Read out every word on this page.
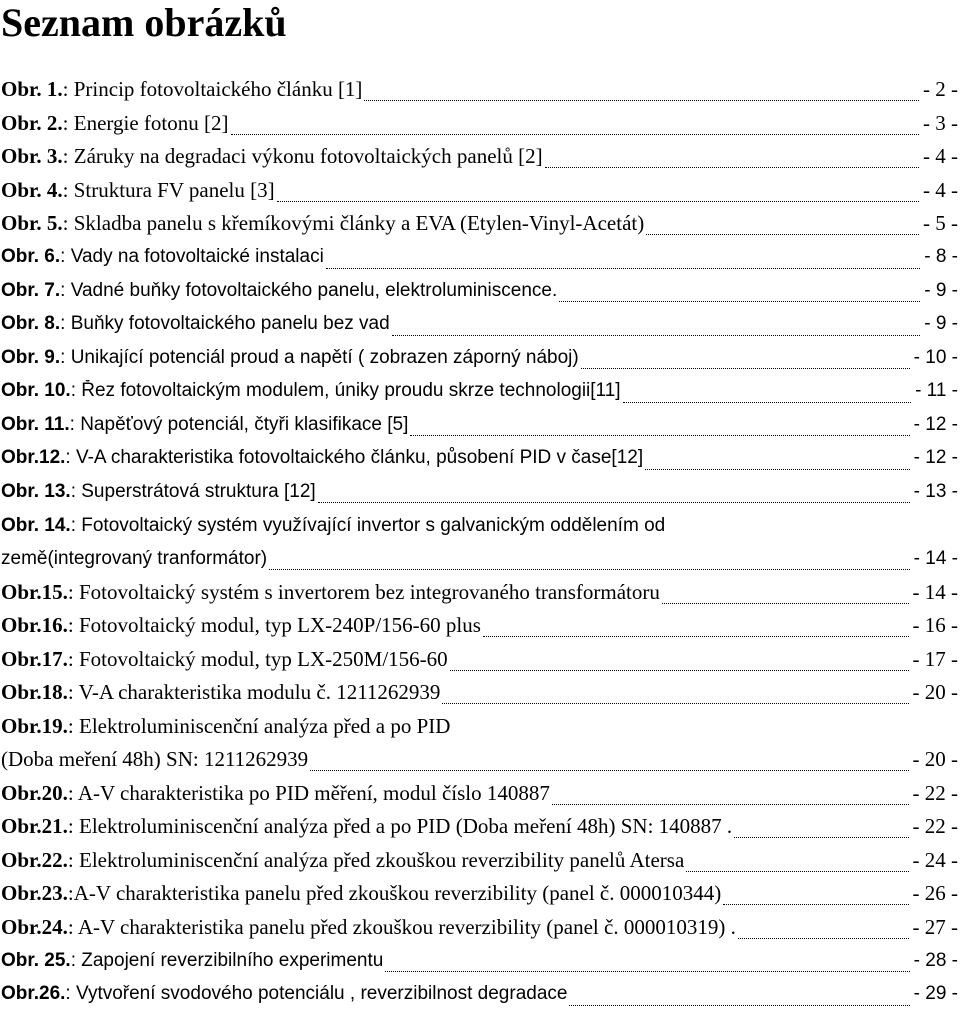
Seznam obrázků
Obr. 1.: Princip fotovoltaického článku [1]	- 2 -
Obr. 2.: Energie fotonu [2]	- 3 -
Obr. 3.: Záruky na degradaci výkonu fotovoltaických panelů [2]	- 4 -
Obr. 4.: Struktura FV panelu [3]	- 4 -
Obr. 5.: Skladba panelu s křemíkovými články a EVA (Etylen-Vinyl-Acetát)	- 5 -
Obr. 6.: Vady na fotovoltaické instalaci	- 8 -
Obr. 7.: Vadné buňky fotovoltaického panelu, elektroluminiscence.	- 9 -
Obr. 8.: Buňky fotovoltaického panelu bez vad	- 9 -
Obr. 9.: Unikající potenciál proud a napětí ( zobrazen záporný náboj)	- 10 -
Obr. 10.: Řez fotovoltaickým modulem, úniky proudu skrze technologii[11]	- 11 -
Obr. 11.: Napěťový potenciál, čtyři klasifikace [5]	- 12 -
Obr.12.: V-A charakteristika fotovoltaického článku, působení PID v čase[12]	- 12 -
Obr. 13.: Superstrátová struktura [12]	- 13 -
Obr. 14.: Fotovoltaický systém využívající invertor s galvanickým oddělením od
země(integrovaný tranformátor)	- 14 -
Obr.15.: Fotovoltaický systém s invertorem bez integrovaného transformátoru	- 14 -
Obr.16.: Fotovoltaický modul, typ LX-240P/156-60 plus	- 16 -
Obr.17.: Fotovoltaický modul, typ LX-250M/156-60	- 17 -
Obr.18.: V-A charakteristika modulu č. 1211262939	- 20 -
Obr.19.: Elektroluminiscenční analýza před a po PID
(Doba meření 48h) SN: 1211262939	- 20 -
Obr.20.: A-V charakteristika po PID měření, modul číslo 140887	- 22 -
Obr.21.: Elektroluminiscenční analýza před a po PID (Doba meření 48h) SN: 140887 .	- 22 -
Obr.22.: Elektroluminiscenční analýza před zkouškou reverzibility panelů Atersa	- 24 -
Obr.23.:A-V charakteristika panelu před zkouškou reverzibility (panel č. 000010344)	- 26 -
Obr.24.: A-V charakteristika panelu před zkouškou reverzibility (panel č. 000010319) .	- 27 -
Obr. 25.: Zapojení reverzibilního experimentu	- 28 -
Obr.26.: Vytvoření svodového potenciálu , reverzibilnost degradace	- 29 -
